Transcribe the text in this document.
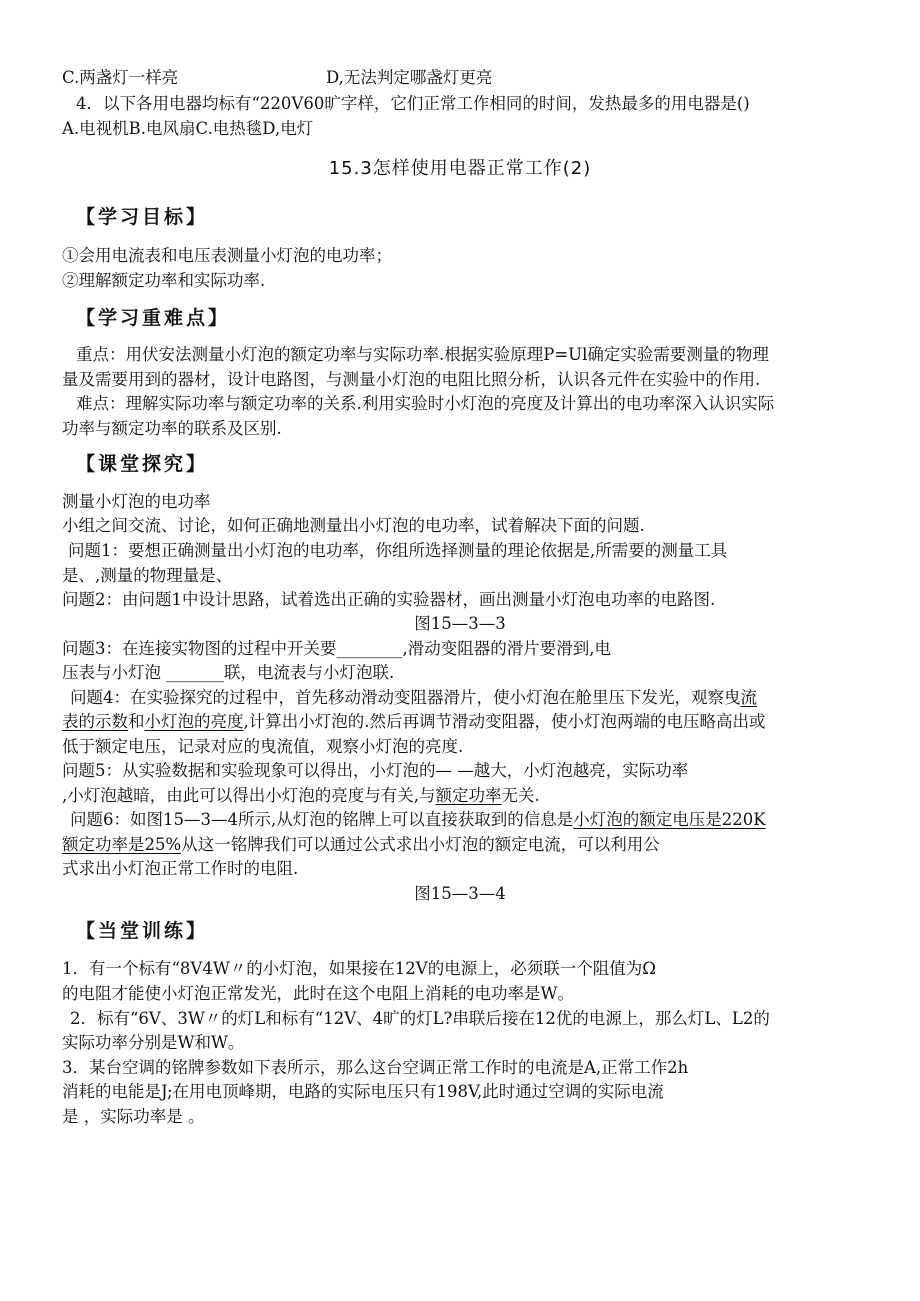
C.两盏灯一样亮	D,无法判定哪盏灯更亮
4．以下各用电器均标有“220V60旷字样，它们正常工作相同的时间，发热最多的用电器是()
A.电视机B.电风扇C.电热毯D,电灯
15.3怎样使用电器正常工作(2)
【学习目标】
①会用电流表和电压表测量小灯泡的电功率；
②理解额定功率和实际功率.
【学习重难点】
重点：用伏安法测量小灯泡的额定功率与实际功率.根据实验原理P=Ul确定实验需要测量的物理
量及需要用到的器材，设计电路图，与测量小灯泡的电阻比照分析，认识各元件在实验中的作用.
难点：理解实际功率与额定功率的关系.利用实验时小灯泡的亮度及计算出的电功率深入认识实际
功率与额定功率的联系及区别.
【课堂探究】
测量小灯泡的电功率
小组之间交流、讨论，如何正确地测量出小灯泡的电功率，试着解决下面的问题.
问题1：要想正确测量出小灯泡的电功率，你组所选择测量的理论依据是,所需要的测量工具
是、,测量的物理量是、
问题2：由问题1中设计思路，试着选出正确的实验器材，画出测量小灯泡电功率的电路图.
图15—3—3
问题3：在连接实物图的过程中开关要________,滑动变阻器的滑片要滑到,电
压表与小灯泡 _______联，电流表与小灯泡联.
问题4：在实验探究的过程中，首先移动滑动变阻器滑片，使小灯泡在舱里压下发光，观察曳流
表的示数和小灯泡的亮度,计算出小灯泡的.然后再调节滑动变阻器，使小灯泡两端的电压略高出或
低于额定电压，记录对应的曳流值，观察小灯泡的亮度.
问题5：从实验数据和实验现象可以得出，小灯泡的— —越大，小灯泡越亮，实际功率
,小灯泡越暗，由此可以得出小灯泡的亮度与有关,与额定功率无关.
问题6：如图15—3—4所示,从灯泡的铭牌上可以直接获取到的信息是小灯泡的额定电压是220K
额定功率是25%从这一铭牌我们可以通过公式求出小灯泡的额定电流，可以利用公
式求出小灯泡正常工作时的电阻.
图15—3—4
【当堂训练】
1．有一个标有“8V4W〃的小灯泡，如果接在12V的电源上，必须联一个阻值为Ω
的电阻才能使小灯泡正常发光，此时在这个电阻上消耗的电功率是W。
2．标有“6V、3W〃的灯L和标有“12V、4旷的灯L?串联后接在12优的电源上，那么灯L、L2的
实际功率分别是W和W。
3．某台空调的铭牌参数如下表所示，那么这台空调正常工作时的电流是A,正常工作2h
消耗的电能是J;在用电顶峰期，电路的实际电压只有198V,此时通过空调的实际电流
是 ，实际功率是 。
